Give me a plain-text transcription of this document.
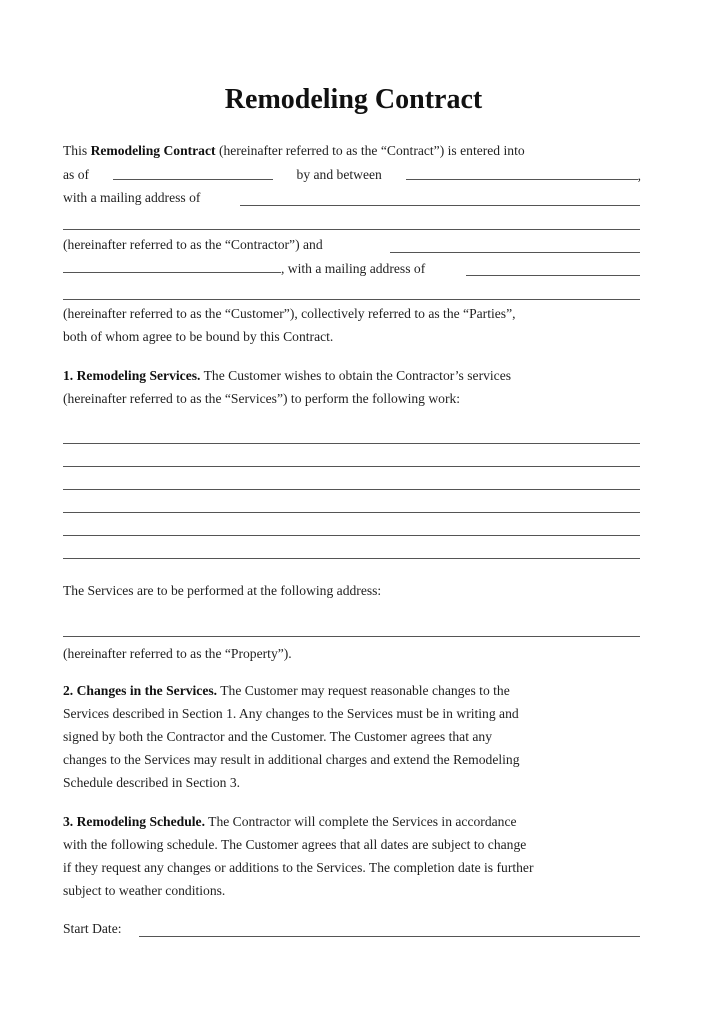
Remodeling Contract
This Remodeling Contract (hereinafter referred to as the “Contract”) is entered into
as of	by and between	,
with a mailing address of
(hereinafter referred to as the “Contractor”) and
, with a mailing address of
(hereinafter referred to as the “Customer”), collectively referred to as the “Parties”,
both of whom agree to be bound by this Contract.
1. Remodeling Services. The Customer wishes to obtain the Contractor’s services
(hereinafter referred to as the “Services”) to perform the following work:
The Services are to be performed at the following address:
(hereinafter referred to as the “Property”).
2. Changes in the Services. The Customer may request reasonable changes to the
Services described in Section 1. Any changes to the Services must be in writing and
signed by both the Contractor and the Customer. The Customer agrees that any
changes to the Services may result in additional charges and extend the Remodeling
Schedule described in Section 3.
3. Remodeling Schedule. The Contractor will complete the Services in accordance
with the following schedule. The Customer agrees that all dates are subject to change
if they request any changes or additions to the Services. The completion date is further
subject to weather conditions.
Start Date:
